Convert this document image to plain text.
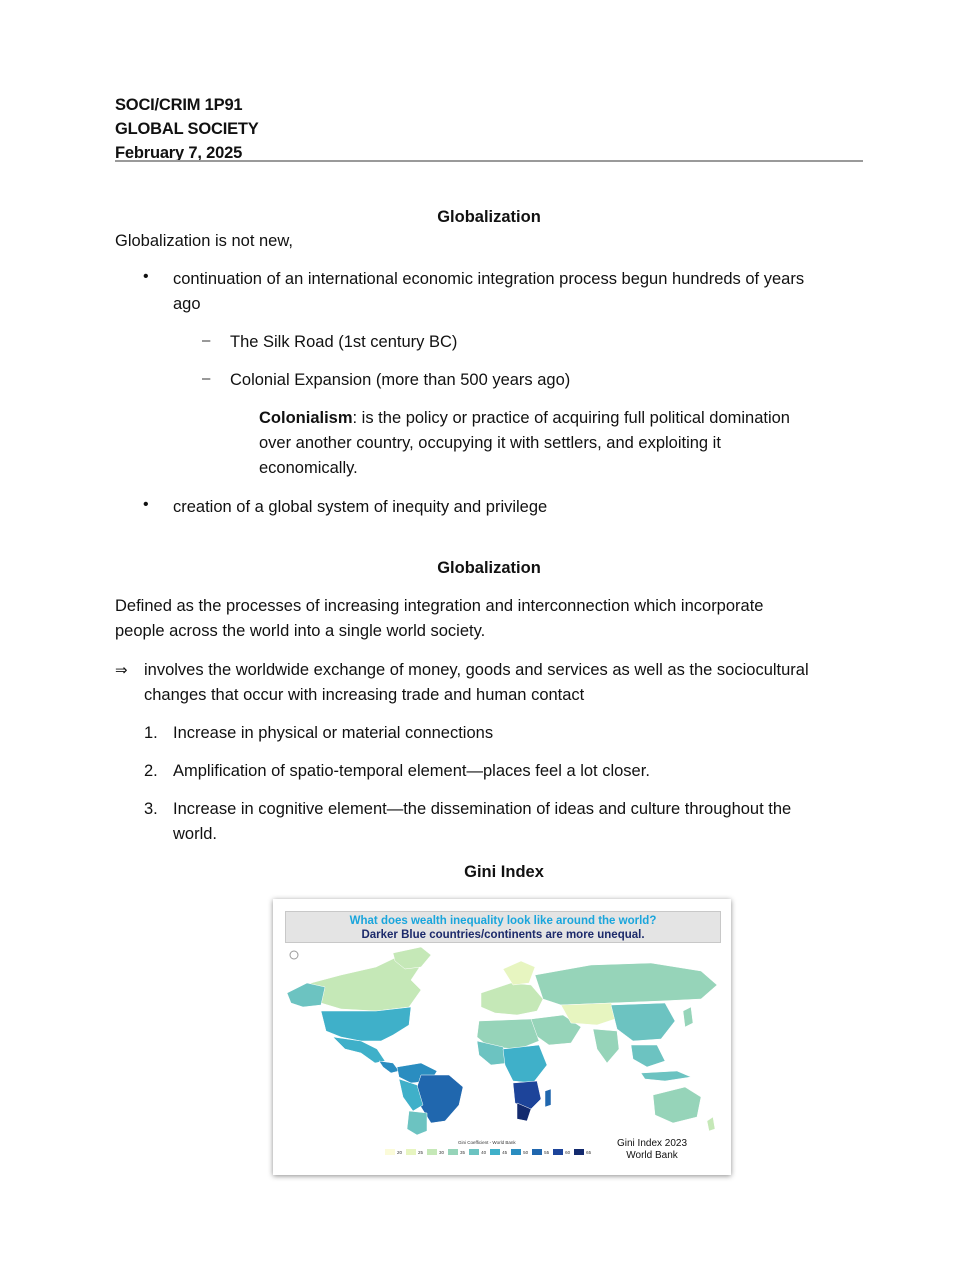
SOCI/CRIM 1P91
GLOBAL SOCIETY
February 7, 2025
Globalization
Globalization is not new,
• continuation of an international economic integration process begun hundreds of years
ago
– The Silk Road (1st century BC)
– Colonial Expansion (more than 500 years ago)
Colonialism: is the policy or practice of acquiring full political domination
over another country, occupying it with settlers, and exploiting it
economically.
• creation of a global system of inequity and privilege
Globalization
Defined as the processes of increasing integration and interconnection which incorporate
people across the world into a single world society.
⇒ involves the worldwide exchange of money, goods and services as well as the sociocultural
changes that occur with increasing trade and human contact
1. Increase in physical or material connections
2. Amplification of spatio-temporal element—places feel a lot closer.
3. Increase in cognitive element—the dissemination of ideas and culture throughout the
world.
Gini Index
What does wealth inequality look like around the world?
Darker Blue countries/continents are more unequal.
Gini Coefficient - World Bank
20	25	30	35	40	45	50	55	60	65
Gini Index 2023
World Bank
